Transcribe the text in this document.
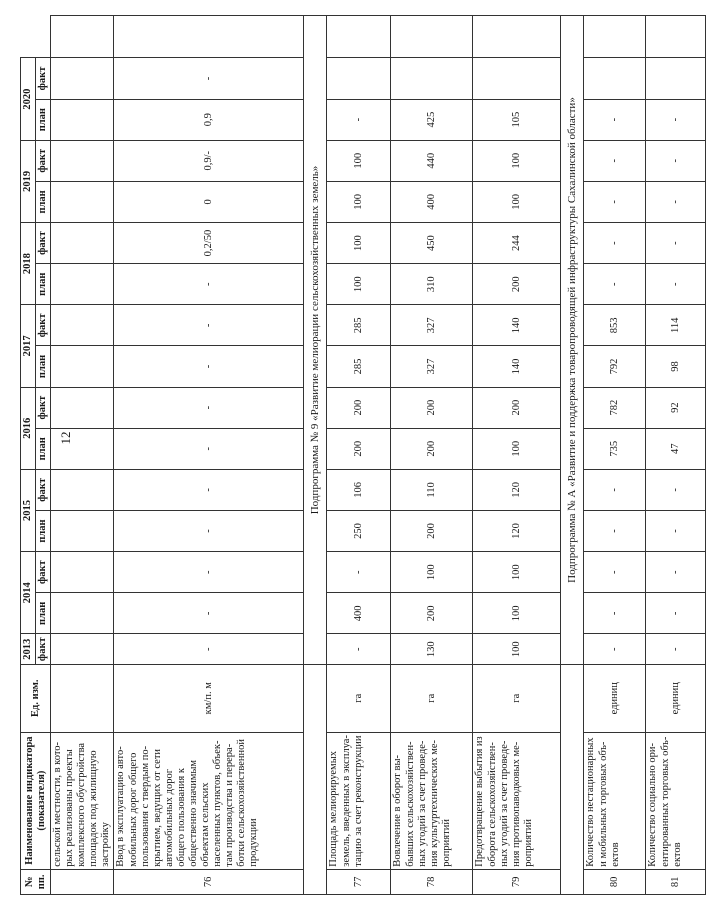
12
№ пп.	Наименование индикатора (показателя)	Ед. изм.	2013	2014		2015		2016		2017		2018		2019		2020		
			факт	план	факт	план	факт	план	факт	план	факт	план	факт	план	факт	план	факт	
	сельской местности, в кото-рых реализованы проекты комплексного обустройства площадок под жилищную застройку																	
76	Ввод в эксплуатацию авто-мобильных дорог общего пользования с твердым по-крытием, ведущих от сети автомобильных дорог общего пользования к общественно значимым объектам сельских населенных пунктов, объек-там производства и перера-ботки сельскохозяйственной продукции	км/п. м	-	-	-	-	-	-	-	-	-	-	0,2/50	0	0,9/-	0,9	-	
			Подпрограмма № 9 «Развитие мелиорации сельскохозяйственных земель»															
77	Площадь мелиорируемых земель, введенных в эксплуа-тацию за счет реконструкции	га	-	400	-	250	106	200	200	285	285	100	100	100	100	-		
78	Вовлечение в оборот вы-бывших сельскохозяйствен-ных угодий за счет проведе-ния культуртехнических ме-роприятий	га	130	200	100	200	110	200	200	327	327	310	450	400	440	425		
79	Предотвращение выбытия из оборота сельскохозяйствен-ных угодий за счет проведе-ния противопаводковых ме-роприятий	га	100	100	100	120	120	100	200	140	140	200	244	100	100	105		
			Подпрограмма № А «Развитие и поддержка товаропроводящей инфраструктуры Сахалинской области»															
80	Количество нестационарных и мобильных торговых объ-ектов	единиц	-	-	-	-	-	735	782	792	853	-	-	-	-	-		
81	Количество социально ори-ентированных торговых объ-ектов	единиц	-	-	-	-	-	47	92	98	114	-	-	-	-	-		
